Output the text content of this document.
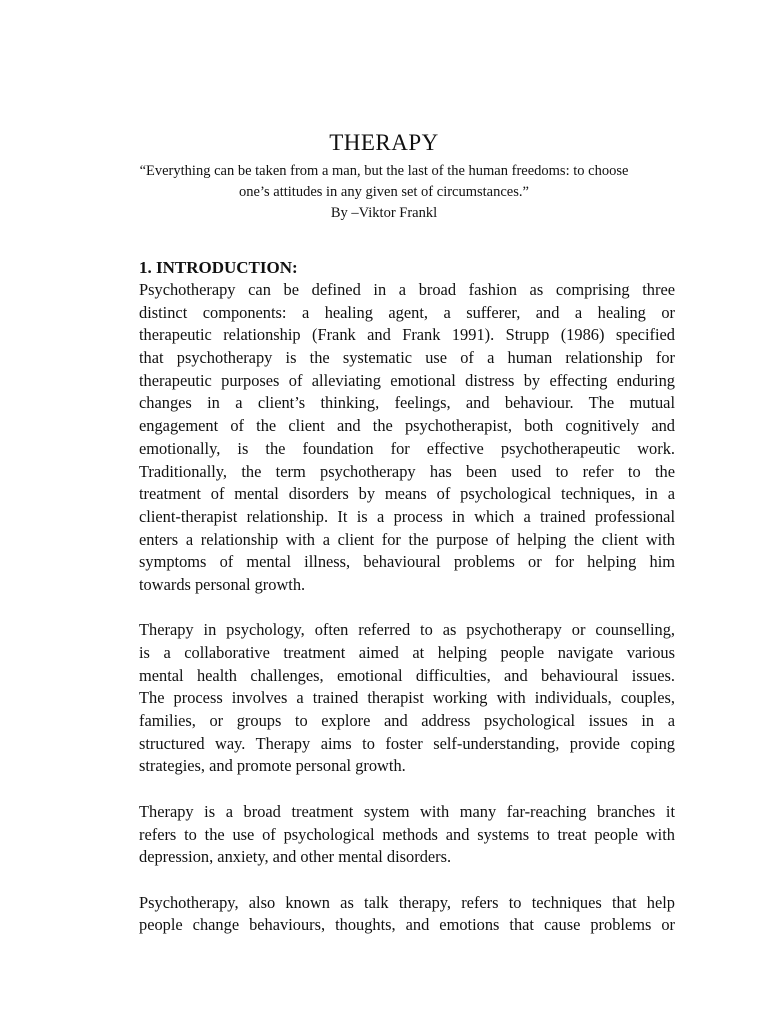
THERAPY
“Everything can be taken from a man, but the last of the human freedoms: to choose
one’s attitudes in any given set of circumstances.”
By –Viktor Frankl
1. INTRODUCTION:
Psychotherapy can be defined in a broad fashion as comprising three
distinct components: a healing agent, a sufferer, and a healing or
therapeutic relationship (Frank and Frank 1991). Strupp (1986) specified
that psychotherapy is the systematic use of a human relationship for
therapeutic purposes of alleviating emotional distress by effecting enduring
changes in a client’s thinking, feelings, and behaviour. The mutual
engagement of the client and the psychotherapist, both cognitively and
emotionally, is the foundation for effective psychotherapeutic work.
Traditionally, the term psychotherapy has been used to refer to the
treatment of mental disorders by means of psychological techniques, in a
client-therapist relationship. It is a process in which a trained professional
enters a relationship with a client for the purpose of helping the client with
symptoms of mental illness, behavioural problems or for helping him
towards personal growth.
Therapy in psychology, often referred to as psychotherapy or counselling,
is a collaborative treatment aimed at helping people navigate various
mental health challenges, emotional difficulties, and behavioural issues.
The process involves a trained therapist working with individuals, couples,
families, or groups to explore and address psychological issues in a
structured way. Therapy aims to foster self-understanding, provide coping
strategies, and promote personal growth.
Therapy is a broad treatment system with many far-reaching branches it
refers to the use of psychological methods and systems to treat people with
depression, anxiety, and other mental disorders.
Psychotherapy, also known as talk therapy, refers to techniques that help
people change behaviours, thoughts, and emotions that cause problems or
